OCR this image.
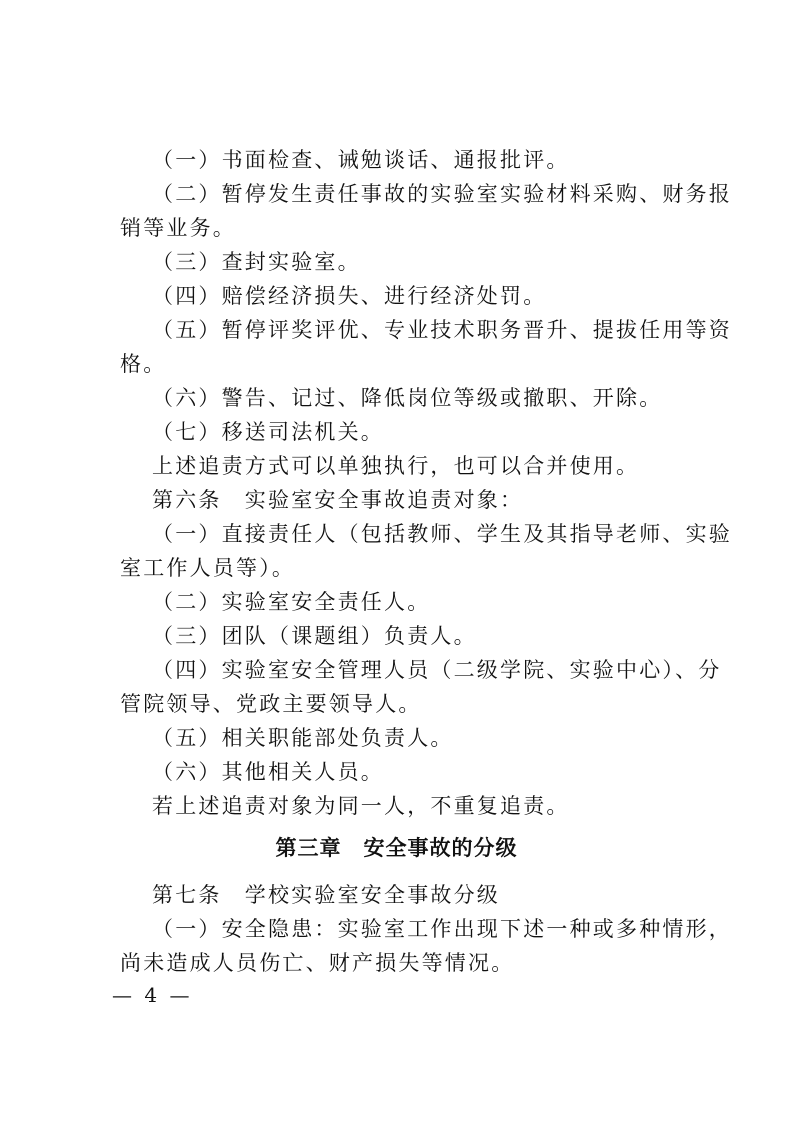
（一）书面检查、诫勉谈话、通报批评。
（二）暂停发生责任事故的实验室实验材料采购、财务报
销等业务。
（三）查封实验室。
（四）赔偿经济损失、进行经济处罚。
（五）暂停评奖评优、专业技术职务晋升、提拔任用等资
格。
（六）警告、记过、降低岗位等级或撤职、开除。
（七）移送司法机关。
上述追责方式可以单独执行，也可以合并使用。
第六条　实验室安全事故追责对象：
（一）直接责任人（包括教师、学生及其指导老师、实验
室工作人员等）。
（二）实验室安全责任人。
（三）团队（课题组）负责人。
（四）实验室安全管理人员（二级学院、实验中心）、分
管院领导、党政主要领导人。
（五）相关职能部处负责人。
（六）其他相关人员。
若上述追责对象为同一人，不重复追责。
第三章　安全事故的分级
第七条　学校实验室安全事故分级
（一）安全隐患：实验室工作出现下述一种或多种情形，
尚未造成人员伤亡、财产损失等情况。
— 4 —
